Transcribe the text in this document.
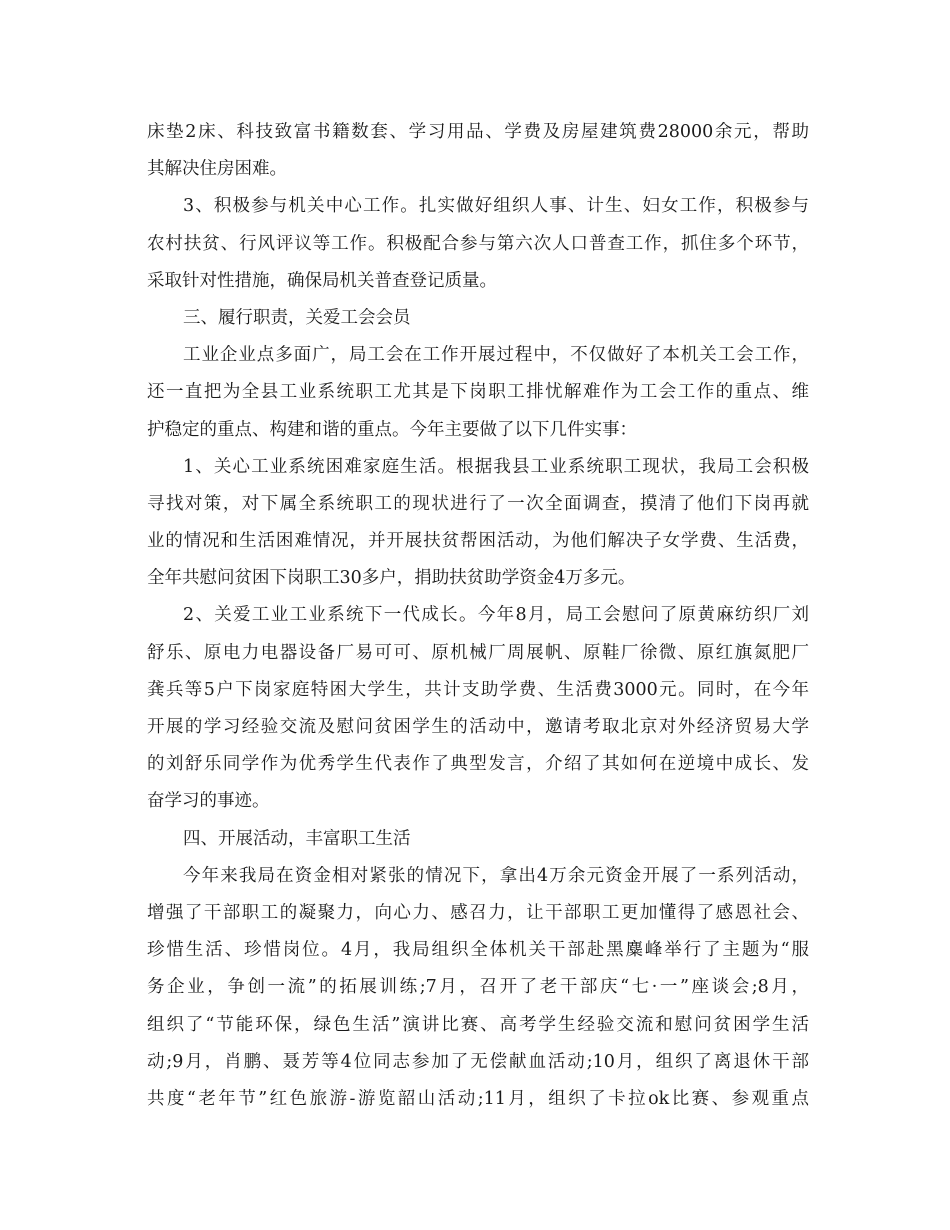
床垫2床、科技致富书籍数套、学习用品、学费及房屋建筑费28000余元，帮助
其解决住房困难。
3、积极参与机关中心工作。扎实做好组织人事、计生、妇女工作，积极参与
农村扶贫、行风评议等工作。积极配合参与第六次人口普查工作，抓住多个环节，
采取针对性措施，确保局机关普查登记质量。
三、履行职责，关爱工会会员
工业企业点多面广，局工会在工作开展过程中，不仅做好了本机关工会工作，
还一直把为全县工业系统职工尤其是下岗职工排忧解难作为工会工作的重点、维
护稳定的重点、构建和谐的重点。今年主要做了以下几件实事：
1、关心工业系统困难家庭生活。根据我县工业系统职工现状，我局工会积极
寻找对策，对下属全系统职工的现状进行了一次全面调查，摸清了他们下岗再就
业的情况和生活困难情况，并开展扶贫帮困活动，为他们解决子女学费、生活费，
全年共慰问贫困下岗职工30多户，捐助扶贫助学资金4万多元。
2、关爱工业工业系统下一代成长。今年8月，局工会慰问了原黄麻纺织厂刘
舒乐、原电力电器设备厂易可可、原机械厂周展帆、原鞋厂徐微、原红旗氮肥厂
龚兵等5户下岗家庭特困大学生，共计支助学费、生活费3000元。同时，在今年
开展的学习经验交流及慰问贫困学生的活动中，邀请考取北京对外经济贸易大学
的刘舒乐同学作为优秀学生代表作了典型发言，介绍了其如何在逆境中成长、发
奋学习的事迹。
四、开展活动，丰富职工生活
今年来我局在资金相对紧张的情况下，拿出4万余元资金开展了一系列活动，
增强了干部职工的凝聚力，向心力、感召力，让干部职工更加懂得了感恩社会、
珍惜生活、珍惜岗位。4月，我局组织全体机关干部赴黑麋峰举行了主题为“服
务企业，争创一流”的拓展训练;7月，召开了老干部庆“七·一”座谈会;8月，
组织了“节能环保，绿色生活”演讲比赛、高考学生经验交流和慰问贫困学生活
动;9月，肖鹏、聂芳等4位同志参加了无偿献血活动;10月，组织了离退休干部
共度“老年节”红色旅游-游览韶山活动;11月，组织了卡拉ok比赛、参观重点
